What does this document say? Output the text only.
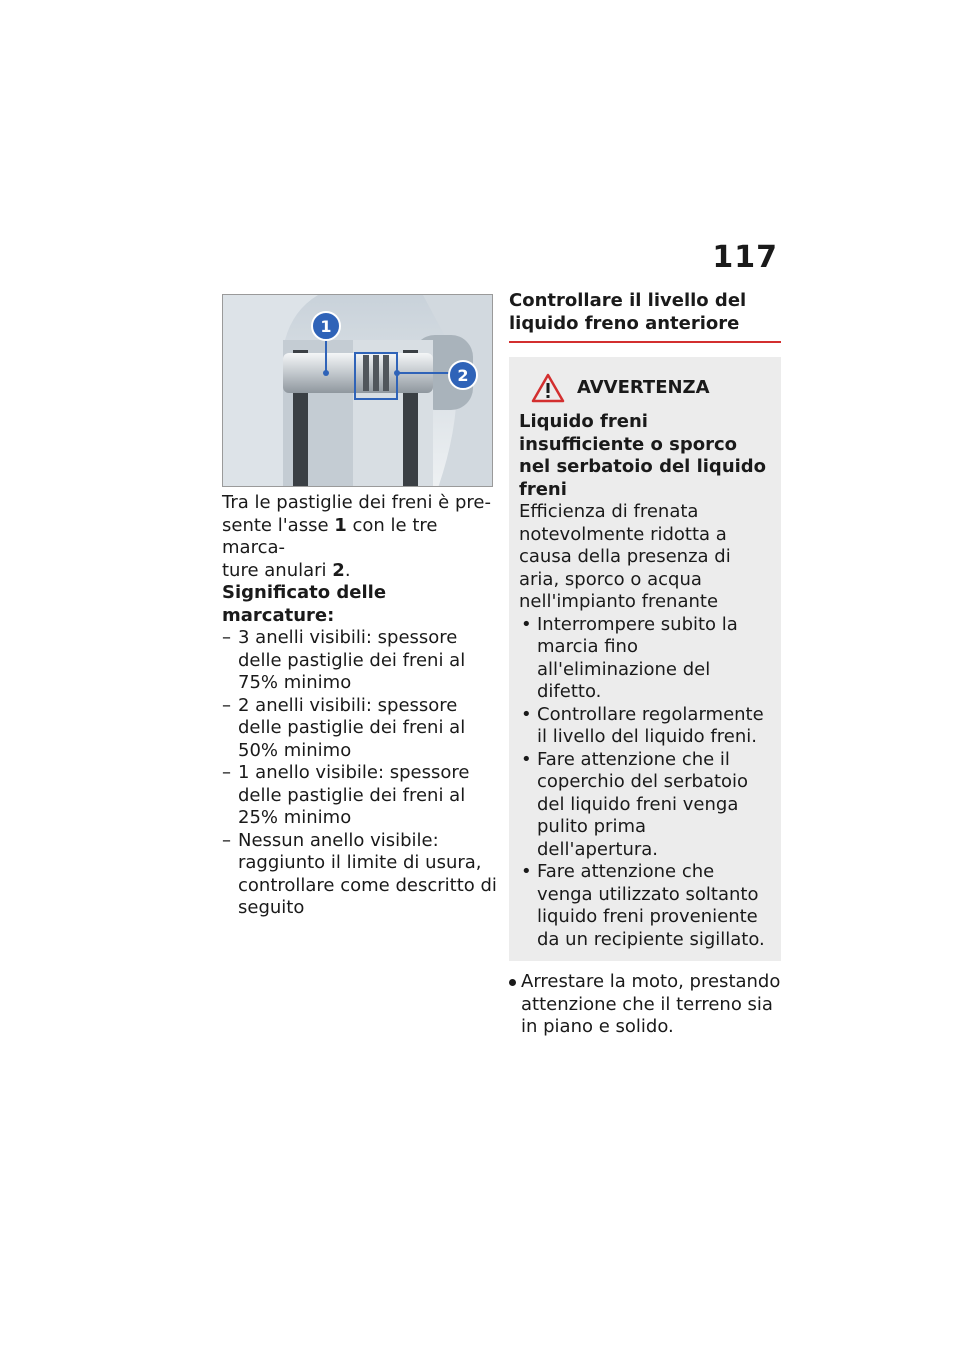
117
1
2

Tra le pastiglie dei freni è pre-
sente l'asse 1 con le tre marca-
ture anulari 2.

Significato delle marcature:

– 3 anelli visibili: spessore delle pastiglie dei freni al 75% minimo
– 2 anelli visibili: spessore delle pastiglie dei freni al 50% minimo
– 1 anello visibile: spessore delle pastiglie dei freni al 25% minimo
– Nessun anello visibile: raggiunto il limite di usura, controllare come descritto di seguito

Controllare il livello del liquido freno anteriore

AVVERTENZA
Liquido freni insufficiente o sporco nel serbatoio del liquido freni
Efficienza di frenata notevolmente ridotta a causa della presenza di aria, sporco o acqua nell'impianto frenante
• Interrompere subito la marcia fino all'eliminazione del difetto.
• Controllare regolarmente il livello del liquido freni.
• Fare attenzione che il coperchio del serbatoio del liquido freni venga pulito prima dell'apertura.
• Fare attenzione che venga utilizzato soltanto liquido freni proveniente da un recipiente sigillato.
Arrestare la moto, prestando attenzione che il terreno sia in piano e solido.
